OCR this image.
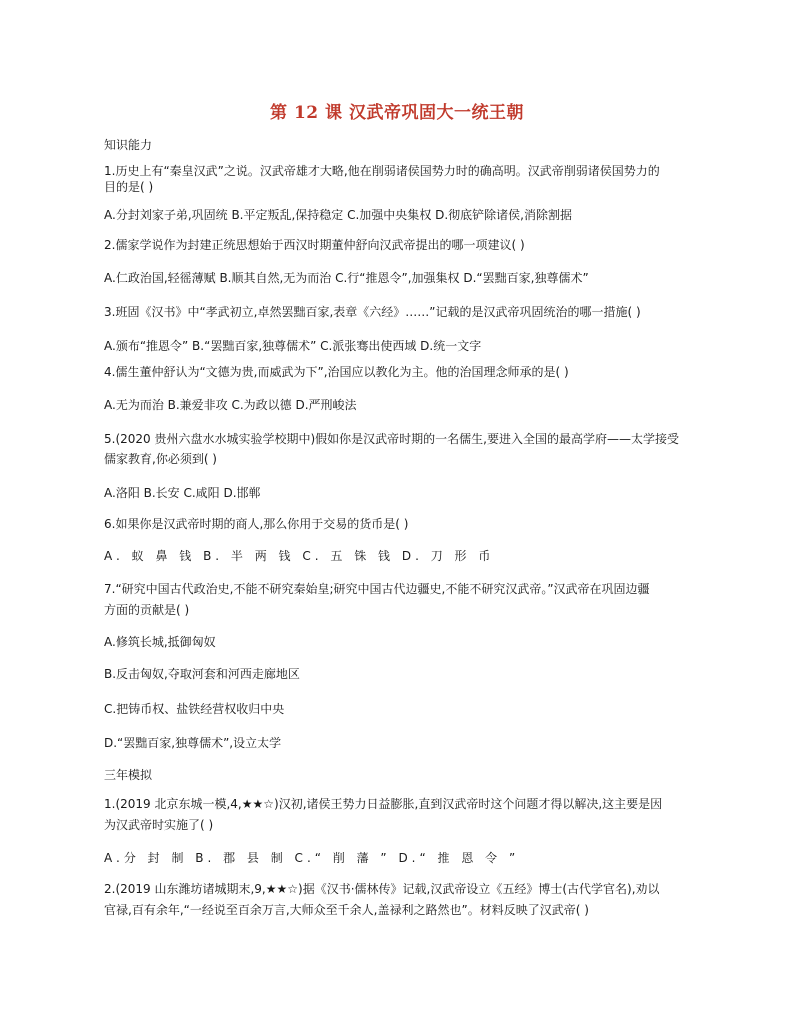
第 12 课 汉武帝巩固大一统王朝
知识能力
1.历史上有“秦皇汉武”之说。汉武帝雄才大略,他在削弱诸侯国势力时的确高明。汉武帝削弱诸侯国势力的
目的是( )
A.分封刘家子弟,巩固统 B.平定叛乱,保持稳定 C.加强中央集权 D.彻底铲除诸侯,消除割据
2.儒家学说作为封建正统思想始于西汉时期董仲舒向汉武帝提出的哪一项建议( )
A.仁政治国,轻徭薄赋 B.顺其自然,无为而治 C.行“推恩令”,加强集权 D.“罢黜百家,独尊儒术”
3.班固《汉书》中“孝武初立,卓然罢黜百家,表章《六经》……”记载的是汉武帝巩固统治的哪一措施( )
A.颁布“推恩令” B.“罢黜百家,独尊儒术” C.派张骞出使西域 D.统一文字
4.儒生董仲舒认为“文德为贵,而威武为下”,治国应以教化为主。他的治国理念师承的是( )
A.无为而治 B.兼爱非攻 C.为政以德 D.严刑峻法
5.(2020 贵州六盘水水城实验学校期中)假如你是汉武帝时期的一名儒生,要进入全国的最高学府——太学接受
儒家教育,你必须到( )
A.洛阳 B.长安 C.咸阳 D.邯郸
6.如果你是汉武帝时期的商人,那么你用于交易的货币是( )
A. 蚁 鼻 钱 B. 半 两 钱 C. 五 铢 钱 D. 刀 形 币
7.“研究中国古代政治史,不能不研究秦始皇;研究中国古代边疆史,不能不研究汉武帝。”汉武帝在巩固边疆
方面的贡献是( )
A.修筑长城,抵御匈奴
B.反击匈奴,夺取河套和河西走廊地区
C.把铸币权、盐铁经营权收归中央
D.“罢黜百家,独尊儒术”,设立太学
三年模拟
1.(2019 北京东城一模,4,★★☆)汉初,诸侯王势力日益膨胀,直到汉武帝时这个问题才得以解决,这主要是因
为汉武帝时实施了( )
A.分 封 制 B. 郡 县 制 C.“ 削 藩 ” D.“ 推 恩 令 ”
2.(2019 山东潍坊诸城期末,9,★★☆)据《汉书·儒林传》记载,汉武帝设立《五经》博士(古代学官名),劝以
官禄,百有余年,“一经说至百余万言,大师众至千余人,盖禄利之路然也”。材料反映了汉武帝( )
